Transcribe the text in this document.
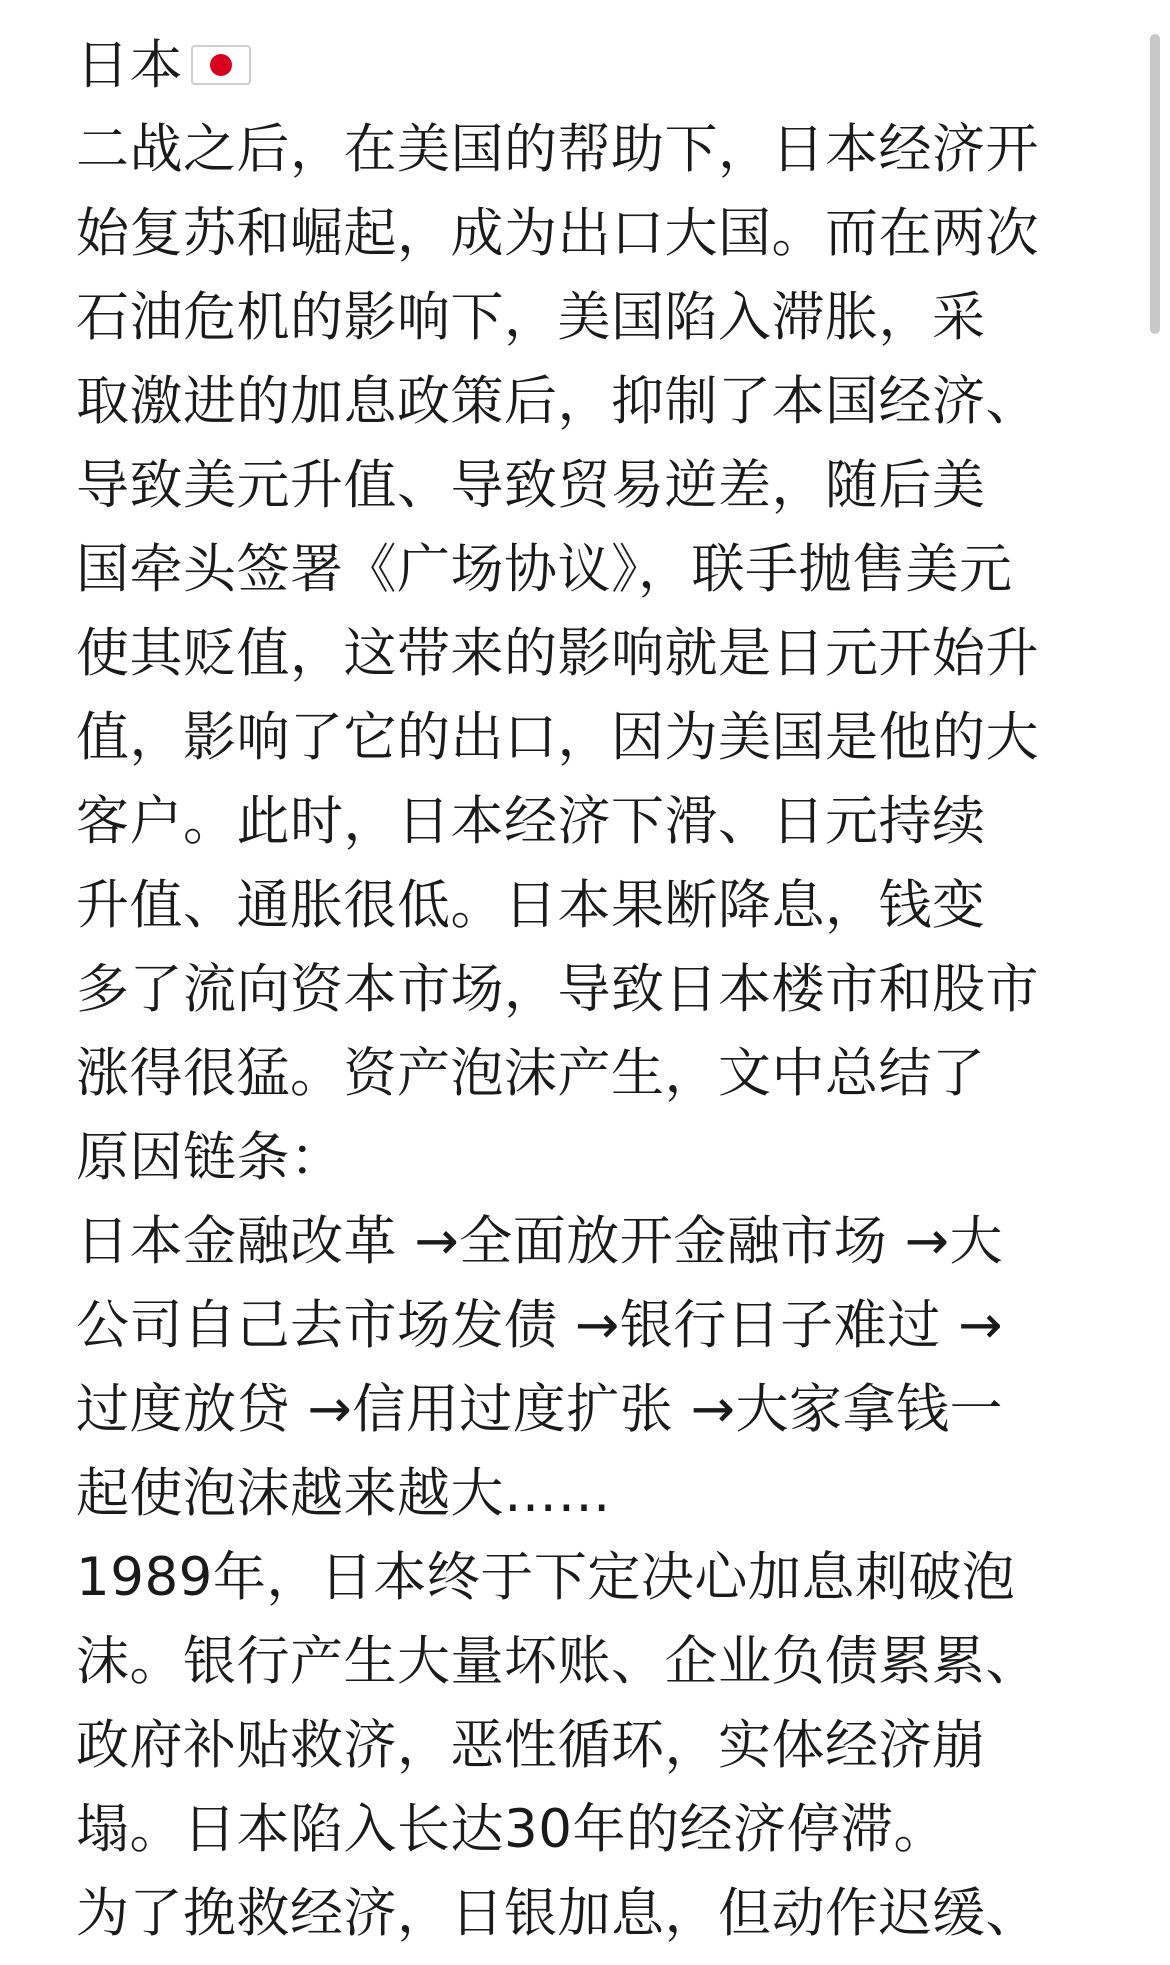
日本
二战之后，在美国的帮助下，日本经济开
始复苏和崛起，成为出口大国。而在两次
石油危机的影响下，美国陷入滞胀，采
取激进的加息政策后，抑制了本国经济、
导致美元升值、导致贸易逆差，随后美
国牵头签署《广场协议》，联手抛售美元
使其贬值，这带来的影响就是日元开始升
值，影响了它的出口，因为美国是他的大
客户。此时，日本经济下滑、日元持续
升值、通胀很低。日本果断降息，钱变
多了流向资本市场，导致日本楼市和股市
涨得很猛。资产泡沫产生，文中总结了
原因链条：
日本金融改革 →全面放开金融市场 →大
公司自己去市场发债 →银行日子难过 →
过度放贷 →信用过度扩张 →大家拿钱一
起使泡沫越来越大……
1989年，日本终于下定决心加息刺破泡
沫。银行产生大量坏账、企业负债累累、
政府补贴救济，恶性循环，实体经济崩
塌。日本陷入长达30年的经济停滞。
为了挽救经济，日银加息，但动作迟缓、
